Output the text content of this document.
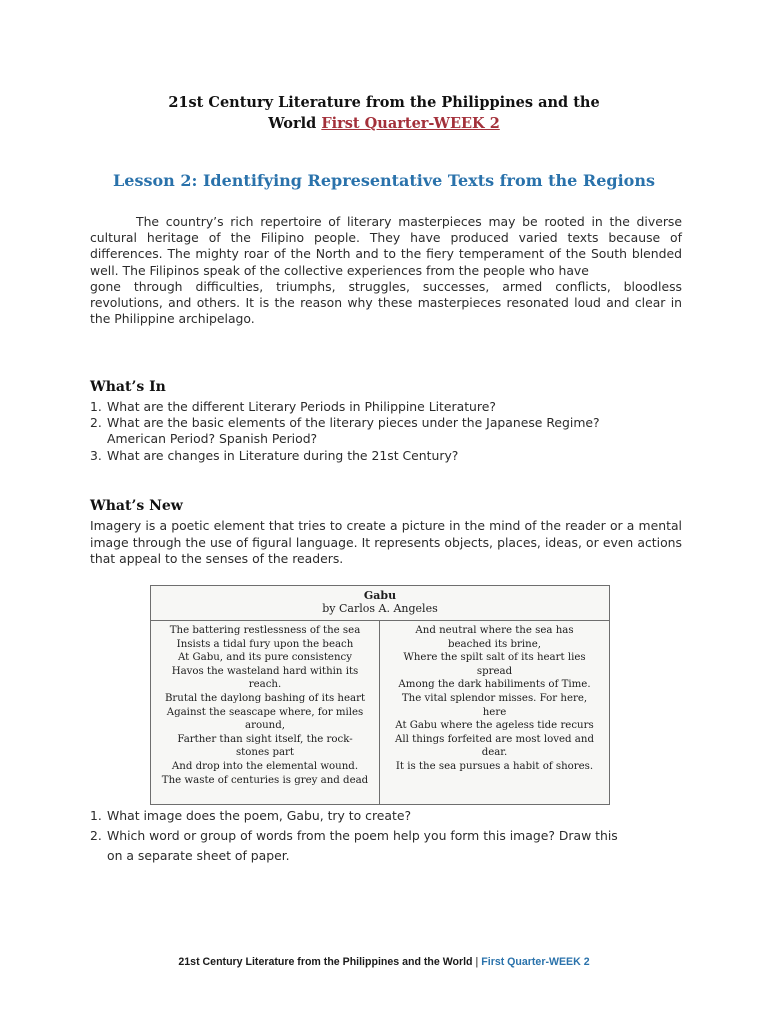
21st Century Literature from the Philippines and the
World First Quarter-WEEK 2
Lesson 2: Identifying Representative Texts from the Regions

The country’s rich repertoire of literary masterpieces may be rooted in the diverse cultural heritage of the Filipino people. They have produced varied texts because of differences. The mighty roar of the North and to the fiery temperament of the South blended well. The Filipinos speak of the collective experiences from the people who have

gone through difficulties, triumphs, struggles, successes, armed conflicts, bloodless revolutions, and others. It is the reason why these masterpieces resonated loud and clear in the Philippine archipelago.

What’s In
1. What are the different Literary Periods in Philippine Literature?
2. What are the basic elements of the literary pieces under the Japanese Regime?
American Period? Spanish Period?
3. What are changes in Literature during the 21st Century?
What’s New

Imagery is a poetic element that tries to create a picture in the mind of the reader or a mental image through the use of figural language. It represents objects, places, ideas, or even actions that appeal to the senses of the readers.

Gabu
by Carlos A. Angeles
The battering restlessness of the sea
Insists a tidal fury upon the beach
At Gabu, and its pure consistency
Havos the wasteland hard within its
reach.
Brutal the daylong bashing of its heart
Against the seascape where, for miles
around,
Farther than sight itself, the rock-
stones part
And drop into the elemental wound.
The waste of centuries is grey and dead
And neutral where the sea has
beached its brine,
Where the spilt salt of its heart lies
spread
Among the dark habiliments of Time.
The vital splendor misses. For here,
here
At Gabu where the ageless tide recurs
All things forfeited are most loved and
dear.
It is the sea pursues a habit of shores.
1. What image does the poem, Gabu, try to create?
2. Which word or group of words from the poem help you form this image? Draw this
on a separate sheet of paper.
21st Century Literature from the Philippines and the World | First Quarter-WEEK 2
